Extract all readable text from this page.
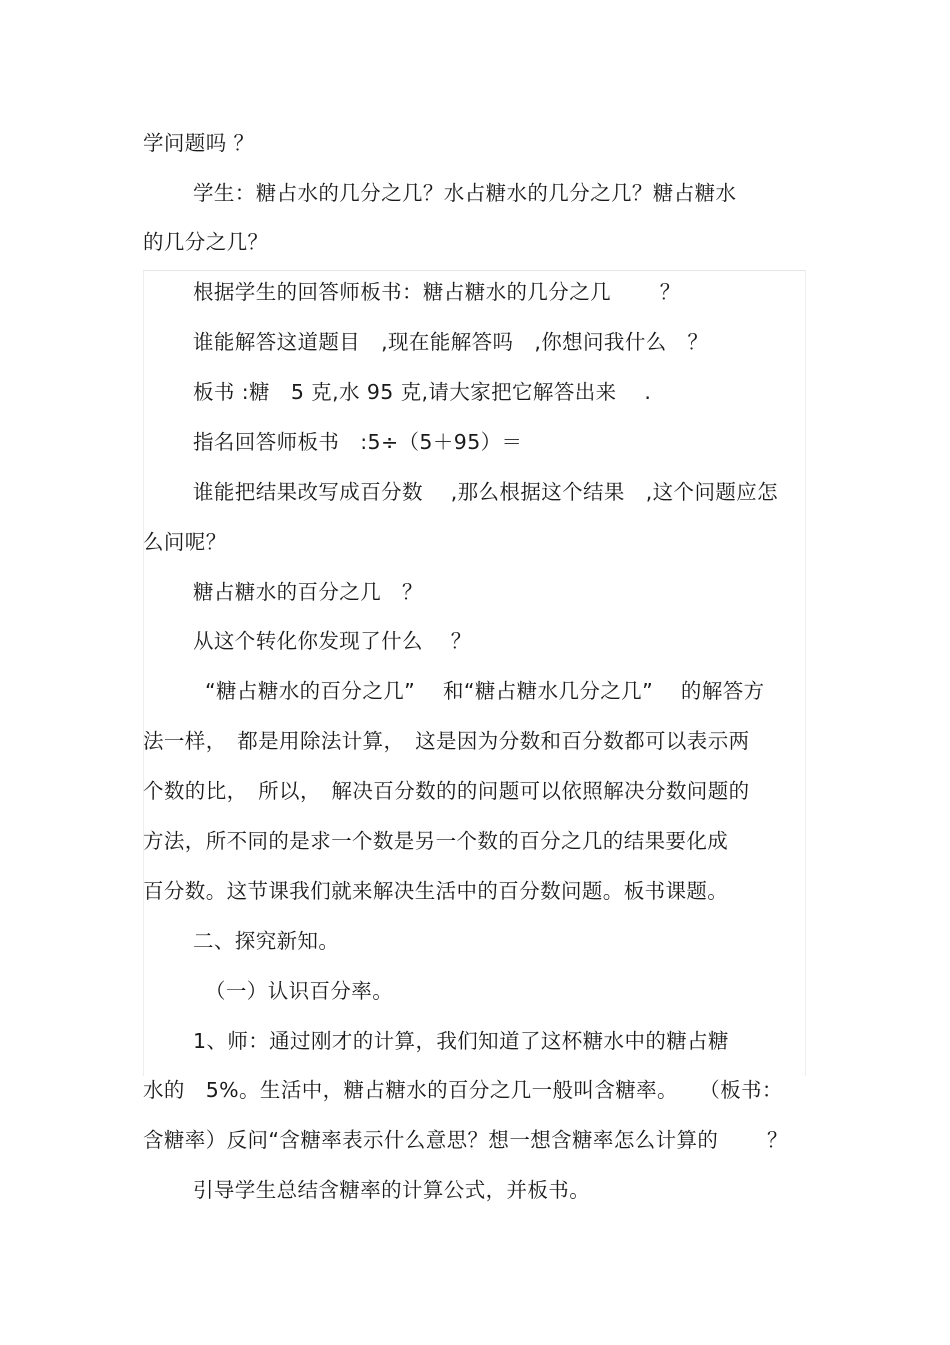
学问题吗 ？
学生：糖占水的几分之几？水占糖水的几分之几？糖占糖水
的几分之几？
根据学生的回答师板书：糖占糖水的几分之几　　 ？
谁能解答这道题目　,现在能解答吗　,你想问我什么　？
板书 :糖　5 克,水 95 克,请大家把它解答出来　 .
指名回答师板书　:5÷（5＋95）＝
谁能把结果改写成百分数　 ,那么根据这个结果　,这个问题应怎
么问呢？
糖占糖水的百分之几　？
从这个转化你发现了什么　 ？
“糖占糖水的百分之几”　 和“糖占糖水几分之几”　 的解答方
法一样，　都是用除法计算，　这是因为分数和百分数都可以表示两
个数的比，　所以，　解决百分数的的问题可以依照解决分数问题的
方法，所不同的是求一个数是另一个数的百分之几的结果要化成
百分数。这节课我们就来解决生活中的百分数问题。板书课题。
二、探究新知。
（一）认识百分率。
1、师：通过刚才的计算，我们知道了这杯糖水中的糖占糖
水的　5%。生活中，糖占糖水的百分之几一般叫含糖率。　　（板书：
含糖率）反问“含糖率表示什么意思？想一想含糖率怎么计算的　　 ？
引导学生总结含糖率的计算公式，并板书。
